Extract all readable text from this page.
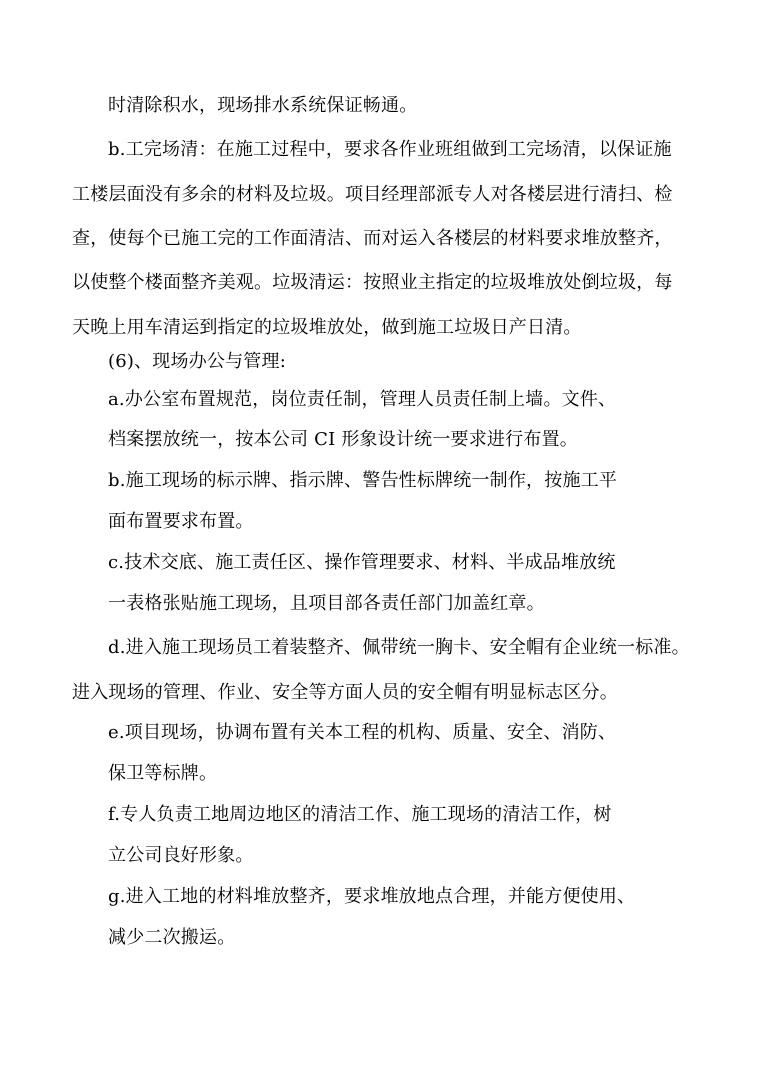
时清除积水，现场排水系统保证畅通。
b.工完场清：在施工过程中，要求各作业班组做到工完场清，以保证施
工楼层面没有多余的材料及垃圾。项目经理部派专人对各楼层进行清扫、检
查，使每个已施工完的工作面清洁、而对运入各楼层的材料要求堆放整齐，
以使整个楼面整齐美观。垃圾清运：按照业主指定的垃圾堆放处倒垃圾，每
天晚上用车清运到指定的垃圾堆放处，做到施工垃圾日产日清。
(6)、现场办公与管理:
a.办公室布置规范，岗位责任制，管理人员责任制上墙。文件、
档案摆放统一，按本公司 CI 形象设计统一要求进行布置。
b.施工现场的标示牌、指示牌、警告性标牌统一制作，按施工平
面布置要求布置。
c.技术交底、施工责任区、操作管理要求、材料、半成品堆放统
一表格张贴施工现场，且项目部各责任部门加盖红章。
d.进入施工现场员工着装整齐、佩带统一胸卡、安全帽有企业统一标准。
进入现场的管理、作业、安全等方面人员的安全帽有明显标志区分。
e.项目现场，协调布置有关本工程的机构、质量、安全、消防、
保卫等标牌。
f.专人负责工地周边地区的清洁工作、施工现场的清洁工作，树
立公司良好形象。
g.进入工地的材料堆放整齐，要求堆放地点合理，并能方便使用、
减少二次搬运。
